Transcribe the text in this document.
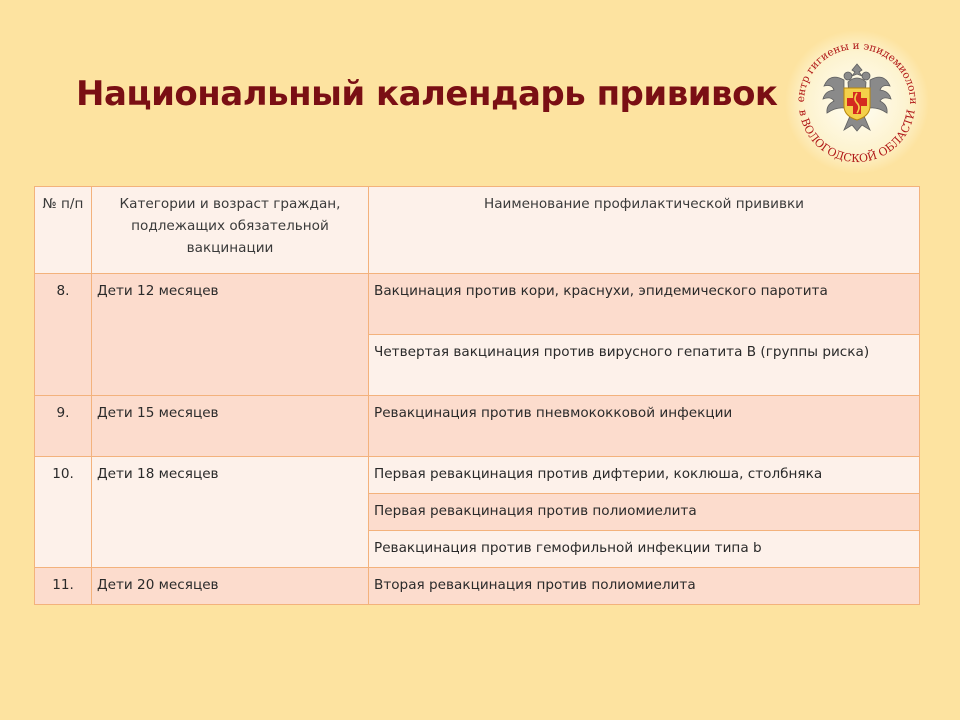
Национальный календарь прививок	ентр гигиены и эпидемиологи
в ВОЛОГОДСКОЙ ОБЛАСТИ
№ п/п	Категории и возраст граждан, подлежащих обязательной вакцинации	Наименование профилактической прививки
8.	Дети 12 месяцев	Вакцинация против кори, краснухи, эпидемического паротита
		Четвертая вакцинация против вирусного гепатита В (группы риска)
9.	Дети 15 месяцев	Ревакцинация против пневмококковой инфекции
10.	Дети 18 месяцев	Первая ревакцинация против дифтерии, коклюша, столбняка
		Первая ревакцинация против полиомиелита
		Ревакцинация против гемофильной инфекции типа b
11.	Дети 20 месяцев	Вторая ревакцинация против полиомиелита
